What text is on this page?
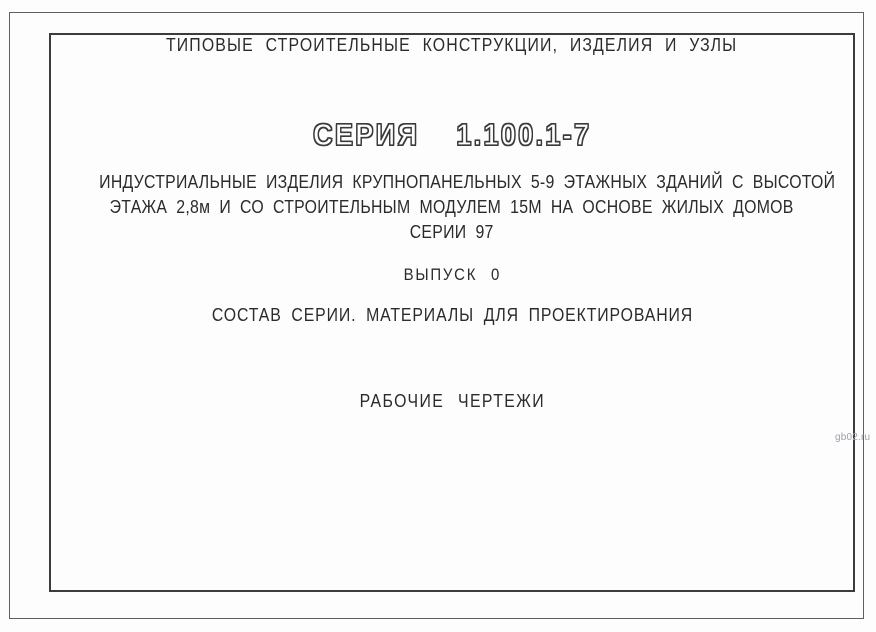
ТИПОВЫЕ СТРОИТЕЛЬНЫЕ КОНСТРУКЦИИ, ИЗДЕЛИЯ И УЗЛЫ
СЕРИЯ 1.100.1-7
ИНДУСТРИАЛЬНЫЕ ИЗДЕЛИЯ КРУПНОПАНЕЛЬНЫХ 5-9 ЭТАЖНЫХ ЗДАНИЙ С ВЫСОТОЙ
ЭТАЖА 2,8м И СО СТРОИТЕЛЬНЫМ МОДУЛЕМ 15М НА ОСНОВЕ ЖИЛЫХ ДОМОВ
СЕРИИ 97
ВЫПУСК 0
СОСТАВ СЕРИИ. МАТЕРИАЛЫ ДЛЯ ПРОЕКТИРОВАНИЯ
РАБОЧИЕ ЧЕРТЕЖИ
gb02.ru
